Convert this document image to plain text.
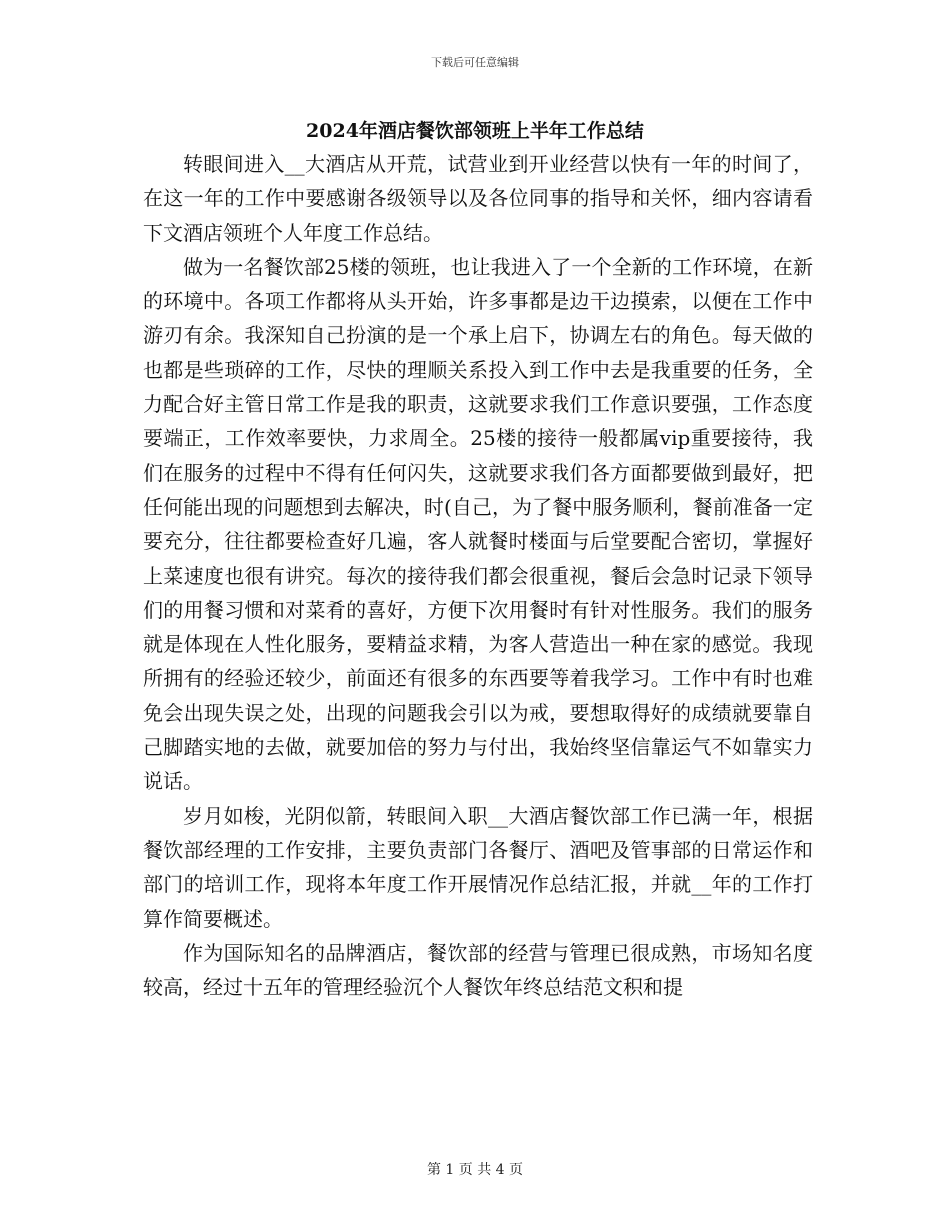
下载后可任意编辑
2024年酒店餐饮部领班上半年工作总结

转眼间进入__大酒店从开荒，试营业到开业经营以快有一年的时间了，在这一年的工作中要感谢各级领导以及各位同事的指导和关怀，细内容请看下文酒店领班个人年度工作总结。

做为一名餐饮部25楼的领班，也让我进入了一个全新的工作环境，在新的环境中。各项工作都将从头开始，许多事都是边干边摸索，以便在工作中游刃有余。我深知自己扮演的是一个承上启下，协调左右的角色。每天做的也都是些琐碎的工作，尽快的理顺关系投入到工作中去是我重要的任务，全力配合好主管日常工作是我的职责，这就要求我们工作意识要强，工作态度要端正，工作效率要快，力求周全。25楼的接待一般都属vip重要接待，我们在服务的过程中不得有任何闪失，这就要求我们各方面都要做到最好，把任何能出现的问题想到去解决，时(自己，为了餐中服务顺利，餐前准备一定要充分，往往都要检查好几遍，客人就餐时楼面与后堂要配合密切，掌握好上菜速度也很有讲究。每次的接待我们都会很重视，餐后会急时记录下领导们的用餐习惯和对菜肴的喜好，方便下次用餐时有针对性服务。我们的服务就是体现在人性化服务，要精益求精，为客人营造出一种在家的感觉。我现所拥有的经验还较少，前面还有很多的东西要等着我学习。工作中有时也难免会出现失误之处，出现的问题我会引以为戒，要想取得好的成绩就要靠自己脚踏实地的去做，就要加倍的努力与付出，我始终坚信靠运气不如靠实力说话。

岁月如梭，光阴似箭，转眼间入职__大酒店餐饮部工作已满一年，根据餐饮部经理的工作安排，主要负责部门各餐厅、酒吧及管事部的日常运作和部门的培训工作，现将本年度工作开展情况作总结汇报，并就__年的工作打算作简要概述。

作为国际知名的品牌酒店，餐饮部的经营与管理已很成熟，市场知名度较高，经过十五年的管理经验沉个人餐饮年终总结范文积和提

第 1 页 共 4 页
